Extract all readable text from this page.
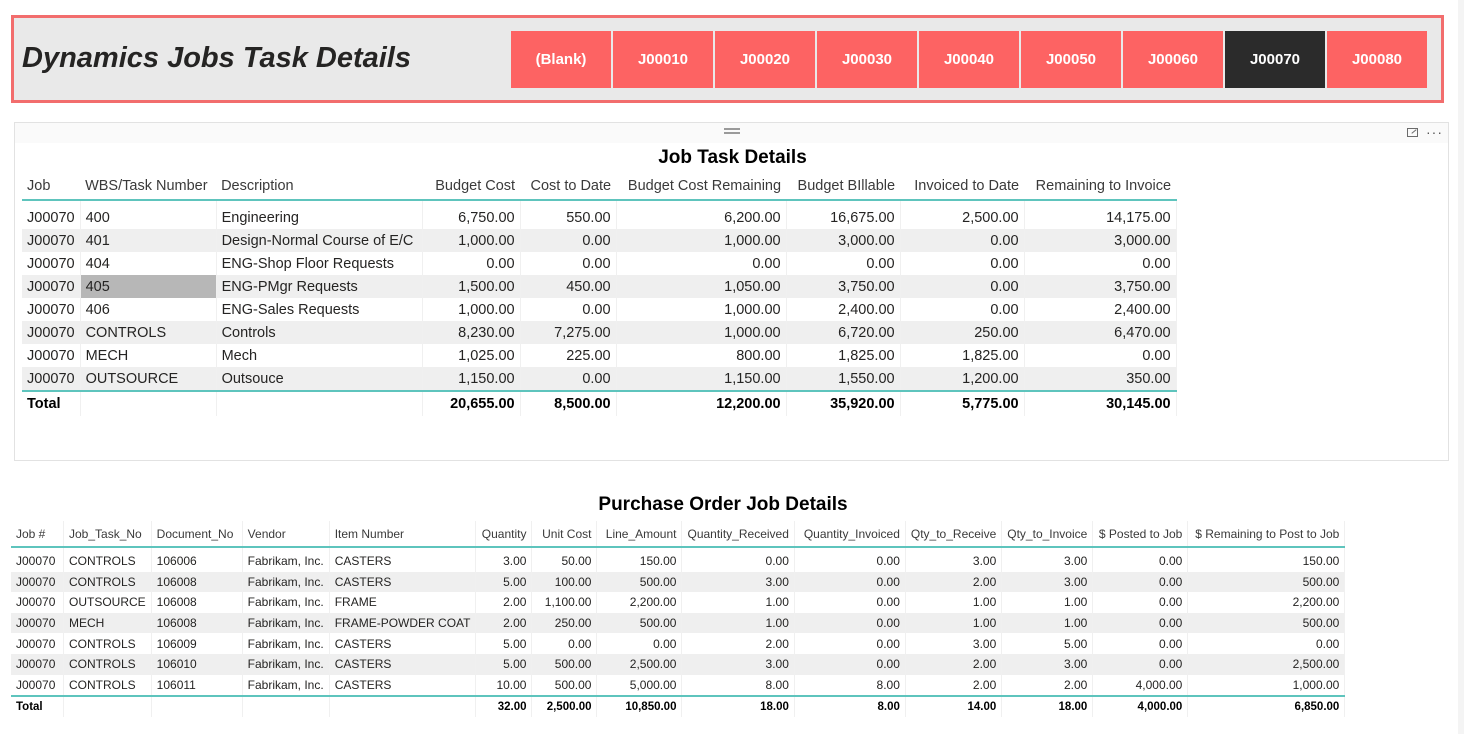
Dynamics Jobs Task Details	(Blank)	J00010	J00020	J00030	J00040	J00050	J00060	J00070	J00080
···
Job Task Details
Job	WBS/Task Number	Description	Budget Cost	Cost to Date	Budget Cost Remaining	Budget BIllable	Invoiced to Date	Remaining to Invoice
J00070	400	Engineering	6,750.00	550.00	6,200.00	16,675.00	2,500.00	14,175.00
J00070	401	Design-Normal Course of E/C	1,000.00	0.00	1,000.00	3,000.00	0.00	3,000.00
J00070	404	ENG-Shop Floor Requests	0.00	0.00	0.00	0.00	0.00	0.00
J00070	405	ENG-PMgr Requests	1,500.00	450.00	1,050.00	3,750.00	0.00	3,750.00
J00070	406	ENG-Sales Requests	1,000.00	0.00	1,000.00	2,400.00	0.00	2,400.00
J00070	CONTROLS	Controls	8,230.00	7,275.00	1,000.00	6,720.00	250.00	6,470.00
J00070	MECH	Mech	1,025.00	225.00	800.00	1,825.00	1,825.00	0.00
J00070	OUTSOURCE	Outsouce	1,150.00	0.00	1,150.00	1,550.00	1,200.00	350.00
Total			20,655.00	8,500.00	12,200.00	35,920.00	5,775.00	30,145.00
Purchase Order Job Details
Job #	Job_Task_No	Document_No	Vendor	Item Number	Quantity	Unit Cost	Line_Amount	Quantity_Received	Quantity_Invoiced	Qty_to_Receive	Qty_to_Invoice	$ Posted to Job	$ Remaining to Post to Job
J00070	CONTROLS	106006	Fabrikam, Inc.	CASTERS	3.00	50.00	150.00	0.00	0.00	3.00	3.00	0.00	150.00
J00070	CONTROLS	106008	Fabrikam, Inc.	CASTERS	5.00	100.00	500.00	3.00	0.00	2.00	3.00	0.00	500.00
J00070	OUTSOURCE	106008	Fabrikam, Inc.	FRAME	2.00	1,100.00	2,200.00	1.00	0.00	1.00	1.00	0.00	2,200.00
J00070	MECH	106008	Fabrikam, Inc.	FRAME-POWDER COAT	2.00	250.00	500.00	1.00	0.00	1.00	1.00	0.00	500.00
J00070	CONTROLS	106009	Fabrikam, Inc.	CASTERS	5.00	0.00	0.00	2.00	0.00	3.00	5.00	0.00	0.00
J00070	CONTROLS	106010	Fabrikam, Inc.	CASTERS	5.00	500.00	2,500.00	3.00	0.00	2.00	3.00	0.00	2,500.00
J00070	CONTROLS	106011	Fabrikam, Inc.	CASTERS	10.00	500.00	5,000.00	8.00	8.00	2.00	2.00	4,000.00	1,000.00
Total					32.00	2,500.00	10,850.00	18.00	8.00	14.00	18.00	4,000.00	6,850.00
